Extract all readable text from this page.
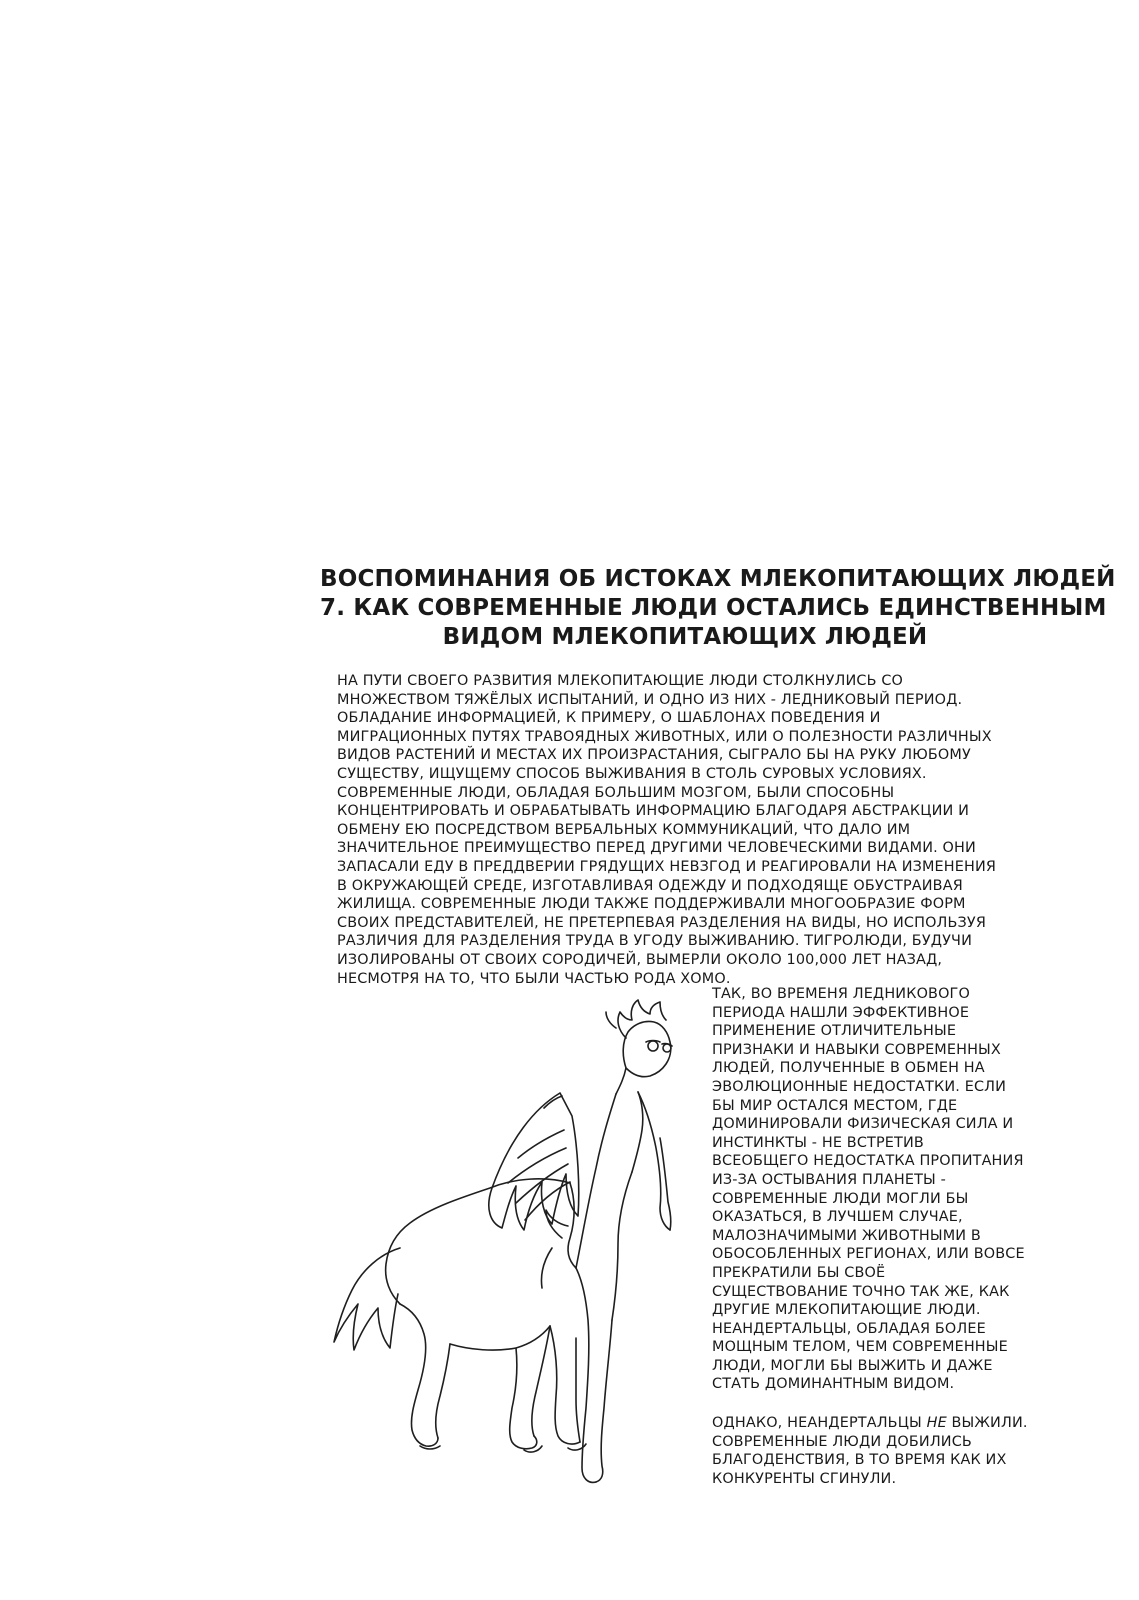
ВОСПОМИНАНИЯ ОБ ИСТОКАХ МЛЕКОПИТАЮЩИХ ЛЮДЕЙ
7. КАК СОВРЕМЕННЫЕ ЛЮДИ ОСТАЛИСЬ ЕДИНСТВЕННЫМ
ВИДОМ МЛЕКОПИТАЮЩИХ ЛЮДЕЙ
НА ПУТИ СВОЕГО РАЗВИТИЯ МЛЕКОПИТАЮЩИЕ ЛЮДИ СТОЛКНУЛИСЬ СО
МНОЖЕСТВОМ ТЯЖЁЛЫХ ИСПЫТАНИЙ, И ОДНО ИЗ НИХ - ЛЕДНИКОВЫЙ ПЕРИОД.
ОБЛАДАНИЕ ИНФОРМАЦИЕЙ, К ПРИМЕРУ, О ШАБЛОНАХ ПОВЕДЕНИЯ И
МИГРАЦИОННЫХ ПУТЯХ ТРАВОЯДНЫХ ЖИВОТНЫХ, ИЛИ О ПОЛЕЗНОСТИ РАЗЛИЧНЫХ
ВИДОВ РАСТЕНИЙ И МЕСТАХ ИХ ПРОИЗРАСТАНИЯ, СЫГРАЛО БЫ НА РУКУ ЛЮБОМУ
СУЩЕСТВУ, ИЩУЩЕМУ СПОСОБ ВЫЖИВАНИЯ В СТОЛЬ СУРОВЫХ УСЛОВИЯХ.
СОВРЕМЕННЫЕ ЛЮДИ, ОБЛАДАЯ БОЛЬШИМ МОЗГОМ, БЫЛИ СПОСОБНЫ
КОНЦЕНТРИРОВАТЬ И ОБРАБАТЫВАТЬ ИНФОРМАЦИЮ БЛАГОДАРЯ АБСТРАКЦИИ И
ОБМЕНУ ЕЮ ПОСРЕДСТВОМ ВЕРБАЛЬНЫХ КОММУНИКАЦИЙ, ЧТО ДАЛО ИМ
ЗНАЧИТЕЛЬНОЕ ПРЕИМУЩЕСТВО ПЕРЕД ДРУГИМИ ЧЕЛОВЕЧЕСКИМИ ВИДАМИ. ОНИ
ЗАПАСАЛИ ЕДУ В ПРЕДДВЕРИИ ГРЯДУЩИХ НЕВЗГОД И РЕАГИРОВАЛИ НА ИЗМЕНЕНИЯ
В ОКРУЖАЮЩЕЙ СРЕДЕ, ИЗГОТАВЛИВАЯ ОДЕЖДУ И ПОДХОДЯЩЕ ОБУСТРАИВАЯ
ЖИЛИЩА. СОВРЕМЕННЫЕ ЛЮДИ ТАКЖЕ ПОДДЕРЖИВАЛИ МНОГООБРАЗИЕ ФОРМ
СВОИХ ПРЕДСТАВИТЕЛЕЙ, НЕ ПРЕТЕРПЕВАЯ РАЗДЕЛЕНИЯ НА ВИДЫ, НО ИСПОЛЬЗУЯ
РАЗЛИЧИЯ ДЛЯ РАЗДЕЛЕНИЯ ТРУДА В УГОДУ ВЫЖИВАНИЮ. ТИГРОЛЮДИ, БУДУЧИ
ИЗОЛИРОВАНЫ ОТ СВОИХ СОРОДИЧЕЙ, ВЫМЕРЛИ ОКОЛО 100,000 ЛЕТ НАЗАД,
НЕСМОТРЯ НА ТО, ЧТО БЫЛИ ЧАСТЬЮ РОДА ХОМО.
ТАК, ВО ВРЕМЕНЯ ЛЕДНИКОВОГО
ПЕРИОДА НАШЛИ ЭФФЕКТИВНОЕ
ПРИМЕНЕНИЕ ОТЛИЧИТЕЛЬНЫЕ
ПРИЗНАКИ И НАВЫКИ СОВРЕМЕННЫХ
ЛЮДЕЙ, ПОЛУЧЕННЫЕ В ОБМЕН НА
ЭВОЛЮЦИОННЫЕ НЕДОСТАТКИ. ЕСЛИ
БЫ МИР ОСТАЛСЯ МЕСТОМ, ГДЕ
ДОМИНИРОВАЛИ ФИЗИЧЕСКАЯ СИЛА И
ИНСТИНКТЫ - НЕ ВСТРЕТИВ
ВСЕОБЩЕГО НЕДОСТАТКА ПРОПИТАНИЯ
ИЗ-ЗА ОСТЫВАНИЯ ПЛАНЕТЫ -
СОВРЕМЕННЫЕ ЛЮДИ МОГЛИ БЫ
ОКАЗАТЬСЯ, В ЛУЧШЕМ СЛУЧАЕ,
МАЛОЗНАЧИМЫМИ ЖИВОТНЫМИ В
ОБОСОБЛЕННЫХ РЕГИОНАХ, ИЛИ ВОВСЕ
ПРЕКРАТИЛИ БЫ СВОЁ
СУЩЕСТВОВАНИЕ ТОЧНО ТАК ЖЕ, КАК
ДРУГИЕ МЛЕКОПИТАЮЩИЕ ЛЮДИ.
НЕАНДЕРТАЛЬЦЫ, ОБЛАДАЯ БОЛЕЕ
МОЩНЫМ ТЕЛОМ, ЧЕМ СОВРЕМЕННЫЕ
ЛЮДИ, МОГЛИ БЫ ВЫЖИТЬ И ДАЖЕ
СТАТЬ ДОМИНАНТНЫМ ВИДОМ.
ОДНАКО, НЕАНДЕРТАЛЬЦЫ НЕ ВЫЖИЛИ.
СОВРЕМЕННЫЕ ЛЮДИ ДОБИЛИСЬ
БЛАГОДЕНСТВИЯ, В ТО ВРЕМЯ КАК ИХ
КОНКУРЕНТЫ СГИНУЛИ.
